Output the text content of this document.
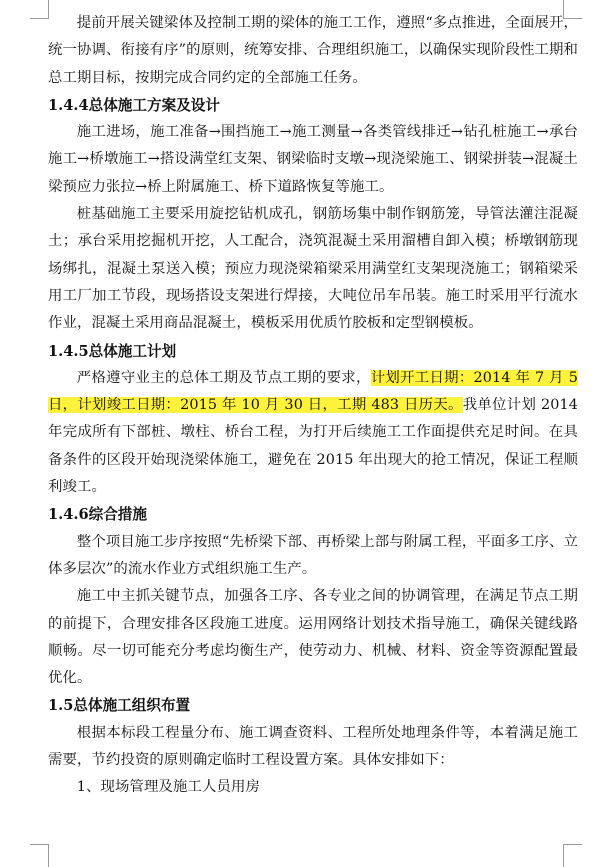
提前开展关键梁体及控制工期的梁体的施工工作，遵照“多点推进，全面展开，统一协调、衔接有序”的原则，统筹安排、合理组织施工，以确保实现阶段性工期和总工期目标，按期完成合同约定的全部施工任务。

1.4.4总体施工方案及设计

施工进场，施工准备→围挡施工→施工测量→各类管线排迁→钻孔桩施工→承台施工→桥墩施工→搭设满堂红支架、钢梁临时支墩→现浇梁施工、钢梁拼装→混凝土梁预应力张拉→桥上附属施工、桥下道路恢复等施工。

桩基础施工主要采用旋挖钻机成孔，钢筋场集中制作钢筋笼，导管法灌注混凝土；承台采用挖掘机开挖，人工配合，浇筑混凝土采用溜槽自卸入模；桥墩钢筋现场绑扎，混凝土泵送入模；预应力现浇梁箱梁采用满堂红支架现浇施工；钢箱梁采用工厂加工节段，现场搭设支架进行焊接，大吨位吊车吊装。施工时采用平行流水作业，混凝土采用商品混凝土，模板采用优质竹胶板和定型钢模板。

1.4.5总体施工计划

严格遵守业主的总体工期及节点工期的要求，计划开工日期：2014 年 7 月 5 日，计划竣工日期：2015 年 10 月 30 日，工期 483 日历天。我单位计划 2014 年完成所有下部桩、墩柱、桥台工程，为打开后续施工工作面提供充足时间。在具备条件的区段开始现浇梁体施工，避免在 2015 年出现大的抢工情况，保证工程顺利竣工。

1.4.6综合措施

整个项目施工步序按照“先桥梁下部、再桥梁上部与附属工程，平面多工序、立体多层次”的流水作业方式组织施工生产。

施工中主抓关键节点，加强各工序、各专业之间的协调管理，在满足节点工期的前提下，合理安排各区段施工进度。运用网络计划技术指导施工，确保关键线路顺畅。尽一切可能充分考虑均衡生产，使劳动力、机械、材料、资金等资源配置最优化。

1.5总体施工组织布置

根据本标段工程量分布、施工调查资料、工程所处地理条件等，本着满足施工需要，节约投资的原则确定临时工程设置方案。具体安排如下：

1、现场管理及施工人员用房
